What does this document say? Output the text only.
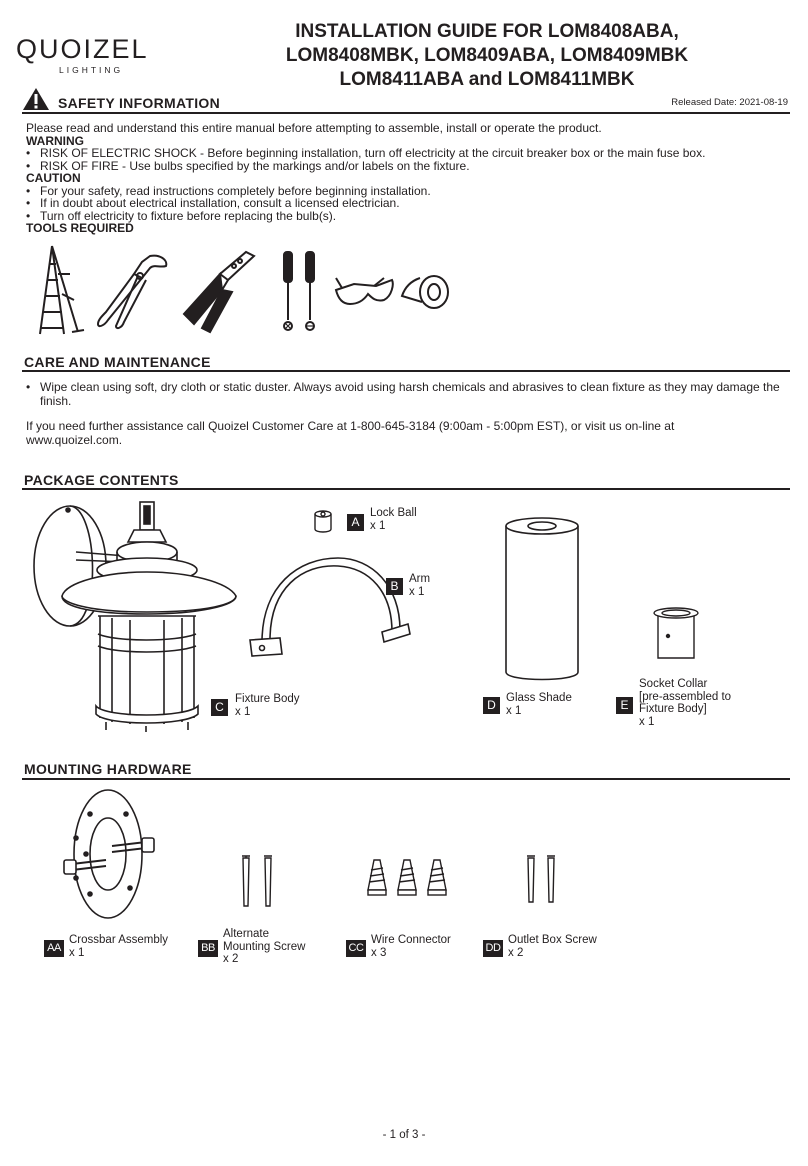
QUOIZEL
LIGHTING
INSTALLATION GUIDE FOR LOM8408ABA,
LOM8408MBK, LOM8409ABA, LOM8409MBK
LOM8411ABA and LOM8411MBK
SAFETY INFORMATION	Released Date: 2021-08-19
Please read and understand this entire manual before attempting to assemble, install or operate the product.
WARNING
• RISK OF ELECTRIC SHOCK - Before beginning installation, turn off electricity at the circuit breaker box or the main fuse box.
• RISK OF FIRE - Use bulbs specified by the markings and/or labels on the fixture.
CAUTION
• For your safety, read instructions completely before beginning installation.
• If in doubt about electrical installation, consult a licensed electrician.
• Turn off electricity to fixture before replacing the bulb(s).
TOOLS REQUIRED
CARE AND MAINTENANCE
• Wipe clean using soft, dry cloth or static duster. Always avoid using harsh chemicals and abrasives to clean fixture as they may damage the finish.
If you need further assistance call Quoizel Customer Care at 1-800-645-3184 (9:00am - 5:00pm EST), or visit us on-line at www.quoizel.com.
PACKAGE CONTENTS
A
Lock Ball
x 1
B Arm
x 1
C
Fixture Body
x 1	D Glass Shade
x 1	E
Socket Collar
[pre-assembled to
Fixture Body]
x 1
MOUNTING HARDWARE
AA
Crossbar Assembly
x 1	BB
Alternate
Mounting Screw
x 2
CC
Wire Connector
x 3	DD
Outlet Box Screw
x 2
- 1 of 3 -
